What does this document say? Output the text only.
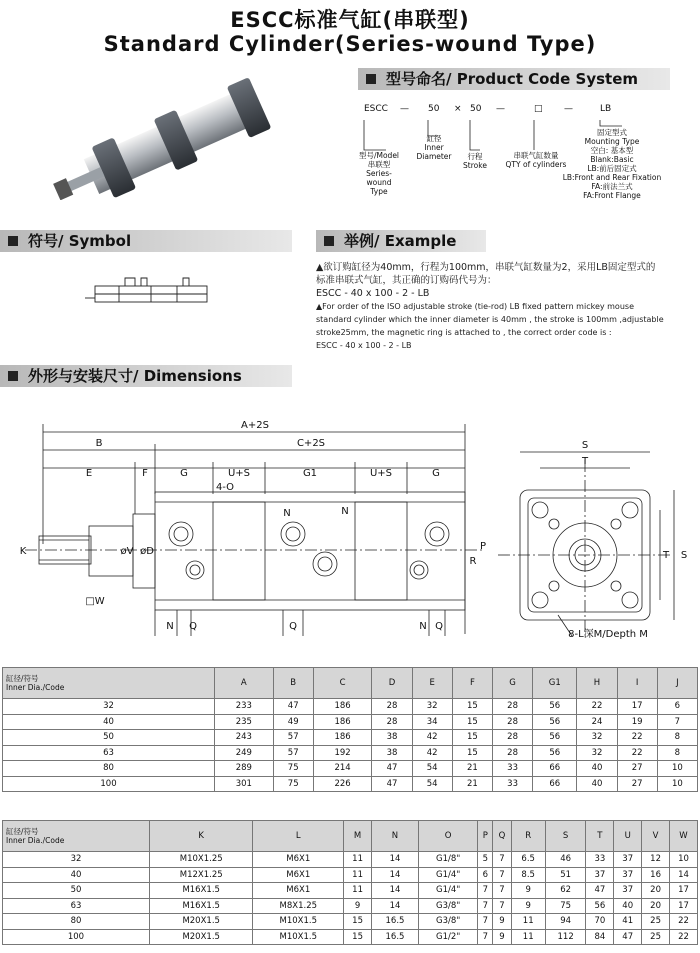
ESCC标准气缸(串联型)
Standard Cylinder(Series-wound Type)
型号命名/ Product Code System
ESCC — 50 × 50 —	□ —	LB
型号/Model
串联型
Series-wound
Type
缸径
Inner
Diameter	行程
Stroke
串联气缸数量
QTY of cylinders
固定型式
Mounting Type
空白: 基本型
Blank:Basic
LB:前后固定式
LB:Front and Rear Fixation
FA:前法兰式
FA:Front Flange
符号/ Symbol	举例/ Example
▲欲订购缸径为40mm，行程为100mm，串联气缸数量为2，采用LB固定型式的
标准串联式气缸，其正确的订购码代号为：
ESCC - 40 x 100 - 2 - LB
▲For order of the ISO adjustable stroke (tie-rod) LB fixed pattern mickey mouse
standard cylinder which the inner diameter is 40mm , the stroke is 100mm ,adjustable
stroke25mm, the magnetic ring is attached to , the correct order code is :
ESCC - 40 x 100 - 2 - LB
外形与安装尺寸/ Dimensions
A+2S
B	C+2S
E	F	G	U+S	G1	U+S	G
4-O
K
□W
øV øD
N	N
N Q	Q	N Q
R
P
S
T
T S
8-L深M/Depth M
缸径/符号
Inner Dia./Code	A	B	C	D	E	F	G	G1	H	I	J
32	233	47	186	28	32	15	28	56	22	17	6
40	235	49	186	28	34	15	28	56	24	19	7
50	243	57	186	38	42	15	28	56	32	22	8
63	249	57	192	38	42	15	28	56	32	22	8
80	289	75	214	47	54	21	33	66	40	27	10
100	301	75	226	47	54	21	33	66	40	27	10
缸径/符号
Inner Dia./Code	K	L	M	N	O	P	Q	R	S	T	U	V	W
32	M10X1.25	M6X1	11	14	G1/8"	5	7	6.5	46	33	37	12	10
40	M12X1.25	M6X1	11	14	G1/4"	6	7	8.5	51	37	37	16	14
50	M16X1.5	M6X1	11	14	G1/4"	7	7	9	62	47	37	20	17
63	M16X1.5	M8X1.25	9	14	G3/8"	7	7	9	75	56	40	20	17
80	M20X1.5	M10X1.5	15	16.5	G3/8"	7	9	11	94	70	41	25	22
100	M20X1.5	M10X1.5	15	16.5	G1/2"	7	9	11	112	84	47	25	22
